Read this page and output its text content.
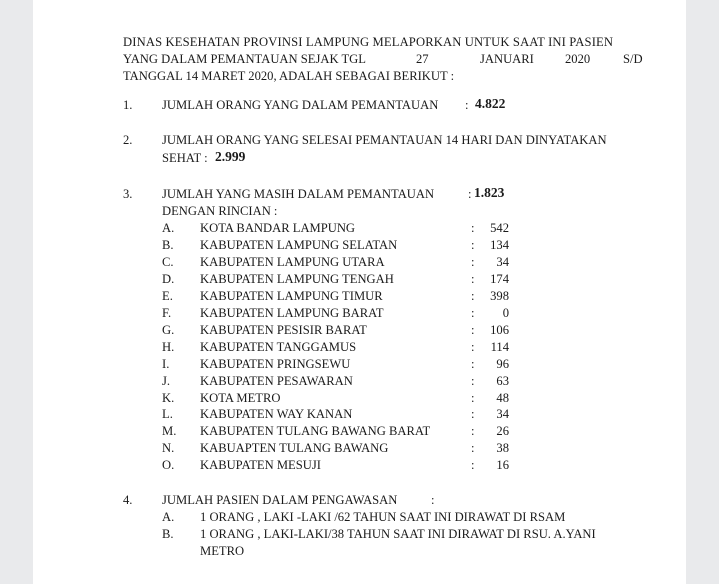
DINAS KESEHATAN PROVINSI LAMPUNG MELAPORKAN UNTUK SAAT INI PASIEN
YANG DALAM PEMANTAUAN SEJAK TGL	27	JANUARI 2020	S/D
TANGGAL 14 MARET 2020, ADALAH SEBAGAI BERIKUT :
1. JUMLAH ORANG YANG DALAM PEMANTAUAN : 4.822
2. JUMLAH ORANG YANG SELESAI PEMANTAUAN 14 HARI DAN DINYATAKAN
SEHAT : 2.999
3. JUMLAH YANG MASIH DALAM PEMANTAUAN	: 1.823
DENGAN RINCIAN :
A. KOTA BANDAR LAMPUNG	:	542
B. KABUPATEN LAMPUNG SELATAN	:	134
C. KABUPATEN LAMPUNG UTARA	:	34
D. KABUPATEN LAMPUNG TENGAH	:	174
E. KABUPATEN LAMPUNG TIMUR	:	398
F. KABUPATEN LAMPUNG BARAT	:	0
G. KABUPATEN PESISIR BARAT	:	106
H. KABUPATEN TANGGAMUS	:	114
I. KABUPATEN PRINGSEWU	:	96
J. KABUPATEN PESAWARAN	:	63
K. KOTA METRO	:	48
L. KABUPATEN WAY KANAN	:	34
M. KABUPATEN TULANG BAWANG BARAT	:	26
N. KABUAPTEN TULANG BAWANG	:	38
O. KABUPATEN MESUJI	:	16
4. JUMLAH PASIEN DALAM PENGAWASAN	:
A. 1 ORANG , LAKI -LAKI /62 TAHUN SAAT INI DIRAWAT DI RSAM
B. 1 ORANG , LAKI-LAKI/38 TAHUN SAAT INI DIRAWAT DI RSU. A.YANI
METRO
